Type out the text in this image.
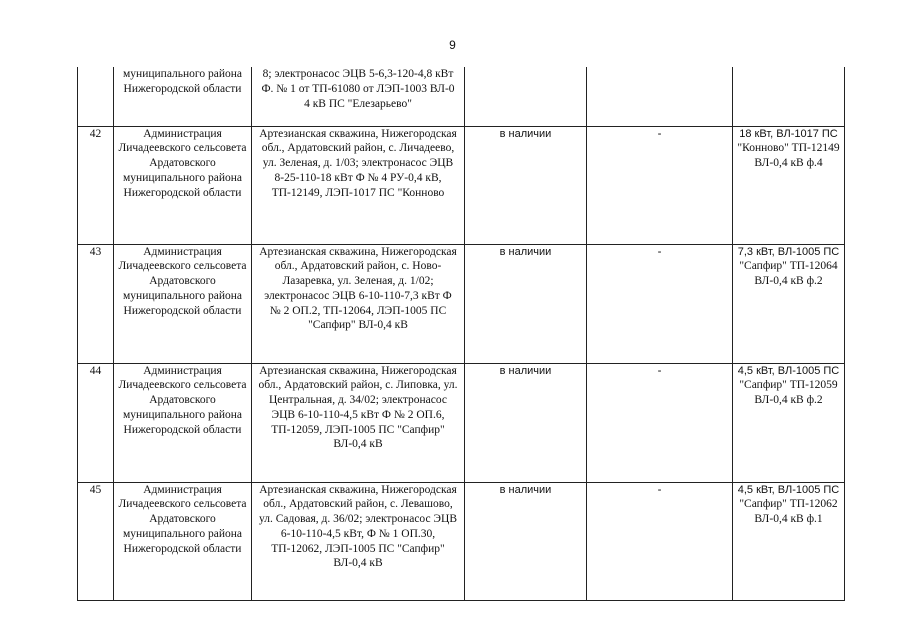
9
	муниципального района Нижегородской области	8; электронасос ЭЦВ 5-6,3-120-4,8 кВт Ф. № 1 от ТП-61080 от ЛЭП-1003 ВЛ-0 4 кВ ПС "Елезарьево"			
42	Администрация Личадеевского сельсовета Ардатовского муниципального района Нижегородской области	Артезианская скважина, Нижегородская обл., Ардатовский район, с. Личадеево, ул. Зеленая, д. 1/03; электронасос ЭЦВ 8-25-110-18 кВт Ф № 4 РУ-0,4 кВ, ТП-12149, ЛЭП-1017 ПС "Конново	в наличии	-	18 кВт, ВЛ-1017 ПС "Конново" ТП-12149 ВЛ-0,4 кВ ф.4
43	Администрация Личадеевского сельсовета Ардатовского муниципального района Нижегородской области	Артезианская скважина, Нижегородская обл., Ардатовский район, с. Ново-Лазаревка, ул. Зеленая, д. 1/02; электронасос ЭЦВ 6-10-110-7,3 кВт Ф № 2 ОП.2, ТП-12064, ЛЭП-1005 ПС "Сапфир" ВЛ-0,4 кВ	в наличии	-	7,3 кВт, ВЛ-1005 ПС "Сапфир" ТП-12064 ВЛ-0,4 кВ ф.2
44	Администрация Личадеевского сельсовета Ардатовского муниципального района Нижегородской области	Артезианская скважина, Нижегородская обл., Ардатовский район, с. Липовка, ул. Центральная, д. 34/02; электронасос ЭЦВ 6-10-110-4,5 кВт Ф № 2 ОП.6, ТП-12059, ЛЭП-1005 ПС "Сапфир" ВЛ-0,4 кВ	в наличии	-	4,5 кВт, ВЛ-1005 ПС "Сапфир" ТП-12059 ВЛ-0,4 кВ ф.2
45	Администрация Личадеевского сельсовета Ардатовского муниципального района Нижегородской области	Артезианская скважина, Нижегородская обл., Ардатовский район, с. Левашово, ул. Садовая, д. 36/02; электронасос ЭЦВ 6-10-110-4,5 кВт, Ф № 1 ОП.30, ТП-12062, ЛЭП-1005 ПС "Сапфир" ВЛ-0,4 кВ	в наличии	-	4,5 кВт, ВЛ-1005 ПС "Сапфир" ТП-12062 ВЛ-0,4 кВ ф.1
